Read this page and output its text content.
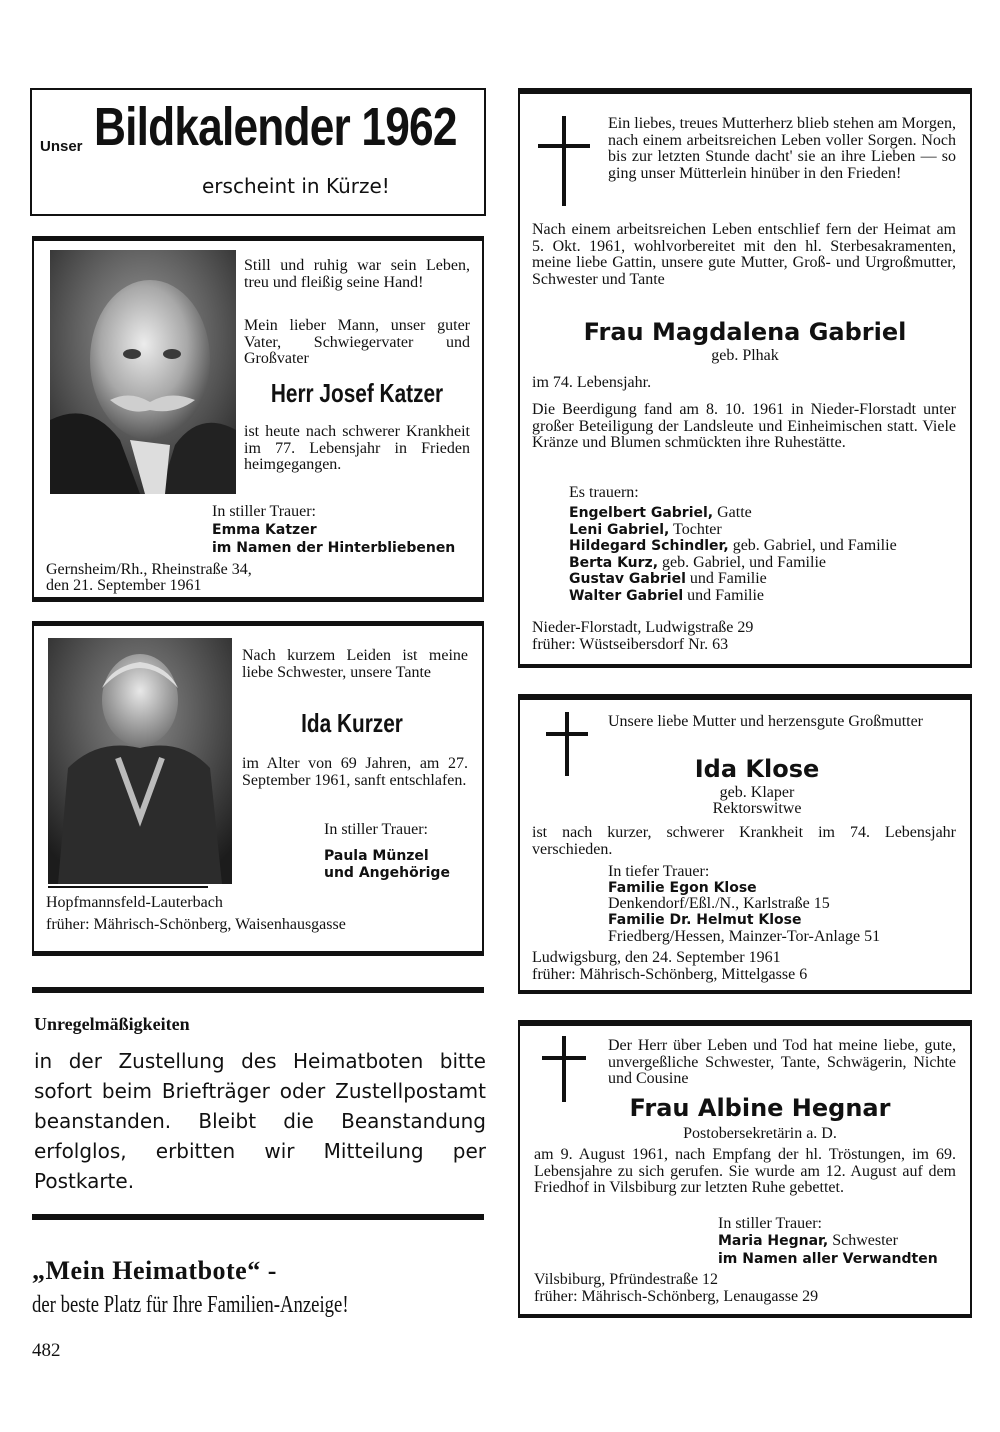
Unser Bildkalender 1962
erscheint in Kürze!
Still und ruhig war sein Leben, treu und fleißig seine Hand!
Mein lieber Mann, unser guter Vater, Schwiegervater und Großvater
Herr Josef Katzer
ist heute nach schwerer Krankheit im 77. Lebensjahr in Frieden heimgegangen.
In stiller Trauer:
Emma Katzer
im Namen der Hinterbliebenen
Gernsheim/Rh., Rheinstraße 34,
den 21. September 1961
Nach kurzem Leiden ist meine liebe Schwester, unsere Tante
Ida Kurzer
im Alter von 69 Jahren, am 27. September 1961, sanft entschlafen.
In stiller Trauer:
Paula Münzel
und Angehörige
Hopfmannsfeld-Lauterbach
früher: Mährisch-Schönberg, Waisenhausgasse
Unregelmäßigkeiten
in der Zustellung des Heimatboten bitte sofort beim Briefträger oder Zustellpostamt beanstanden. Bleibt die Beanstandung erfolglos, erbitten wir Mitteilung per Postkarte.
„Mein Heimatbote“ -
der beste Platz für Ihre Familien-Anzeige!
482
Ein liebes, treues Mutterherz blieb stehen am Morgen, nach einem arbeitsreichen Leben voller Sorgen. Noch bis zur letzten Stunde dacht' sie an ihre Lieben — so ging unser Mütterlein hinüber in den Frieden!
Nach einem arbeitsreichen Leben entschlief fern der Heimat am 5. Okt. 1961, wohlvorbereitet mit den hl. Sterbesakramenten, meine liebe Gattin, unsere gute Mutter, Groß- und Urgroßmutter, Schwester und Tante
Frau Magdalena Gabriel
geb. Plhak
im 74. Lebensjahr.
Die Beerdigung fand am 8. 10. 1961 in Nieder-Florstadt unter großer Beteiligung der Landsleute und Einheimischen statt. Viele Kränze und Blumen schmückten ihre Ruhestätte.
Es trauern:
Engelbert Gabriel, Gatte
Leni Gabriel, Tochter
Hildegard Schindler, geb. Gabriel, und Familie
Berta Kurz, geb. Gabriel, und Familie
Gustav Gabriel und Familie
Walter Gabriel und Familie
Nieder-Florstadt, Ludwigstraße 29
früher: Wüstseibersdorf Nr. 63
Unsere liebe Mutter und herzensgute Großmutter
Ida Klose
geb. Klaper
Rektorswitwe
ist nach kurzer, schwerer Krankheit im 74. Lebensjahr verschieden.
In tiefer Trauer:
Familie Egon Klose
Denkendorf/Eßl./N., Karlstraße 15
Familie Dr. Helmut Klose
Friedberg/Hessen, Mainzer-Tor-Anlage 51
Ludwigsburg, den 24. September 1961
früher: Mährisch-Schönberg, Mittelgasse 6
Der Herr über Leben und Tod hat meine liebe, gute, unvergeßliche Schwester, Tante, Schwägerin, Nichte und Cousine
Frau Albine Hegnar
Postobersekretärin a. D.
am 9. August 1961, nach Empfang der hl. Tröstungen, im 69. Lebensjahre zu sich gerufen. Sie wurde am 12. August auf dem Friedhof in Vilsbiburg zur letzten Ruhe gebettet.
In stiller Trauer:
Maria Hegnar, Schwester
im Namen aller Verwandten
Vilsbiburg, Pfründestraße 12
früher: Mährisch-Schönberg, Lenaugasse 29
